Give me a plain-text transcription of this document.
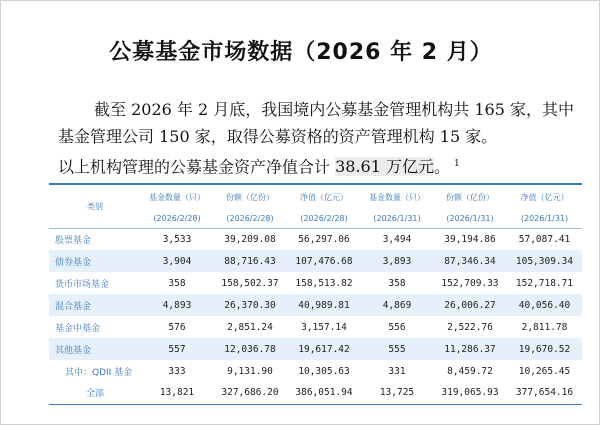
公募基金市场数据（2026 年 2 月）
截至 2026 年 2 月底，我国境内公募基金管理机构共 165 家，其中基金管理公司 150 家，取得公募资格的资产管理机构 15 家。
以上机构管理的公募基金资产净值合计 38.61 万亿元。 $^1$
类别	基金数量（只）	份额（亿份）	净值（亿元）	基金数量（只）	份额（亿份）	净值（亿元）
	(2026/2/28)	(2026/2/28)	(2026/2/28)	(2026/1/31)	(2026/1/31)	(2026/1/31)
股票基金	3,533	39,209.08	56,297.06	3,494	39,194.86	57,087.41
债券基金	3,904	88,716.43	107,476.68	3,893	87,346.34	105,309.34
货币市场基金	358	158,502.37	158,513.82	358	152,709.33	152,718.71
混合基金	4,893	26,370.30	40,989.81	4,869	26,006.27	40,056.40
基金中基金	576	2,851.24	3,157.14	556	2,522.76	2,811.78
其他基金	557	12,036.78	19,617.42	555	11,286.37	19,670.52
其中：QDII 基金	333	9,131.90	10,305.63	331	8,459.72	10,265.45
全部	13,821	327,686.20	386,051.94	13,725	319,065.93	377,654.16
